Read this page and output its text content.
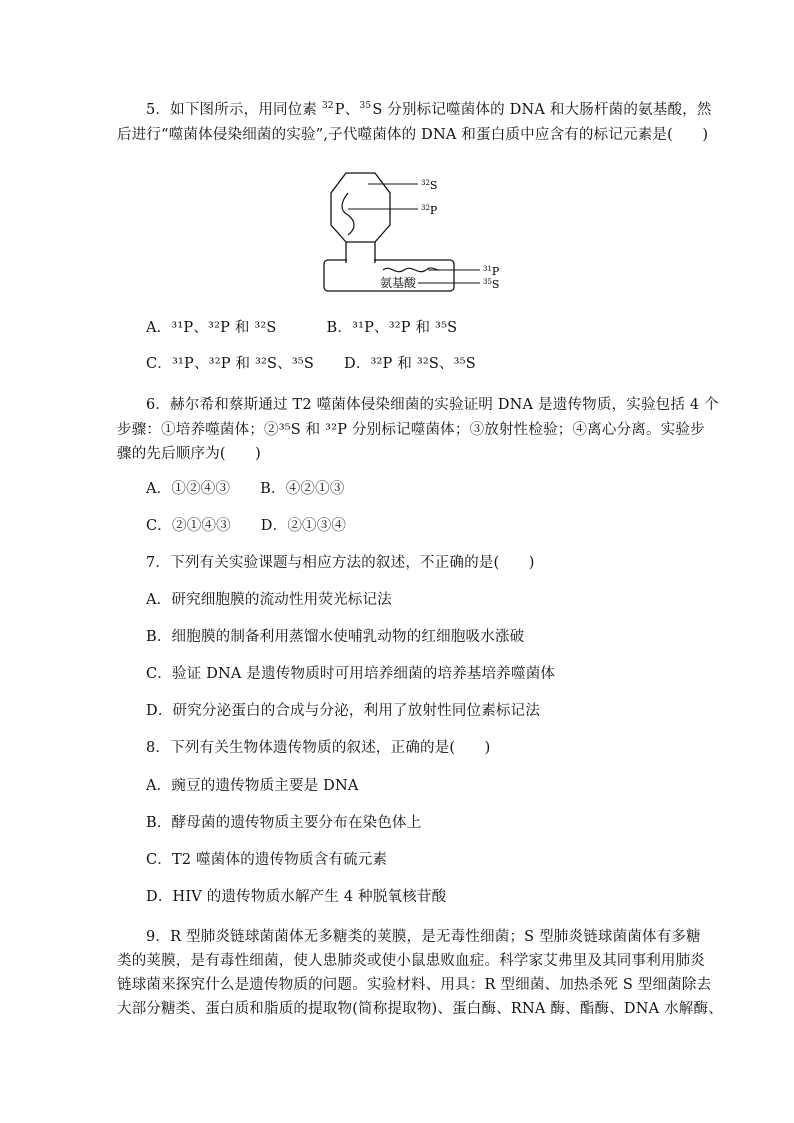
5．如下图所示，用同位素 $^{32}$P、$^{35}$S 分别标记噬菌体的 DNA 和大肠杆菌的氨基酸，然
后进行“噬菌体侵染细菌的实验”,子代噬菌体的 DNA 和蛋白质中应含有的标记元素是(　　)
$^{32}$S
$^{32}$P
$^{31}$P
$^{35}$S
氨基酸
A．³¹P、³²P 和 ³²S	B．³¹P、³²P 和 ³⁵S
C．³¹P、³²P 和 ³²S、³⁵S D．³²P 和 ³²S、³⁵S
6．赫尔希和蔡斯通过 T2 噬菌体侵染细菌的实验证明 DNA 是遗传物质，实验包括 4 个
步骤：①培养噬菌体；②³⁵S 和 ³²P 分别标记噬菌体；③放射性检验；④离心分离。实验步
骤的先后顺序为(　　)
A．①②④③ B．④②①③
C．②①④③ D．②①③④
7．下列有关实验课题与相应方法的叙述，不正确的是(　　)
A．研究细胞膜的流动性用荧光标记法
B．细胞膜的制备利用蒸馏水使哺乳动物的红细胞吸水涨破
C．验证 DNA 是遗传物质时可用培养细菌的培养基培养噬菌体
D．研究分泌蛋白的合成与分泌，利用了放射性同位素标记法
8．下列有关生物体遗传物质的叙述，正确的是(　　)
A．豌豆的遗传物质主要是 DNA
B．酵母菌的遗传物质主要分布在染色体上
C．T2 噬菌体的遗传物质含有硫元素
D．HIV 的遗传物质水解产生 4 种脱氧核苷酸
9．R 型肺炎链球菌菌体无多糖类的荚膜，是无毒性细菌；S 型肺炎链球菌菌体有多糖
类的荚膜，是有毒性细菌，使人患肺炎或使小鼠患败血症。科学家艾弗里及其同事利用肺炎
链球菌来探究什么是遗传物质的问题。实验材料、用具：R 型细菌、加热杀死 S 型细菌除去
大部分糖类、蛋白质和脂质的提取物(简称提取物)、蛋白酶、RNA 酶、酯酶、DNA 水解酶、
